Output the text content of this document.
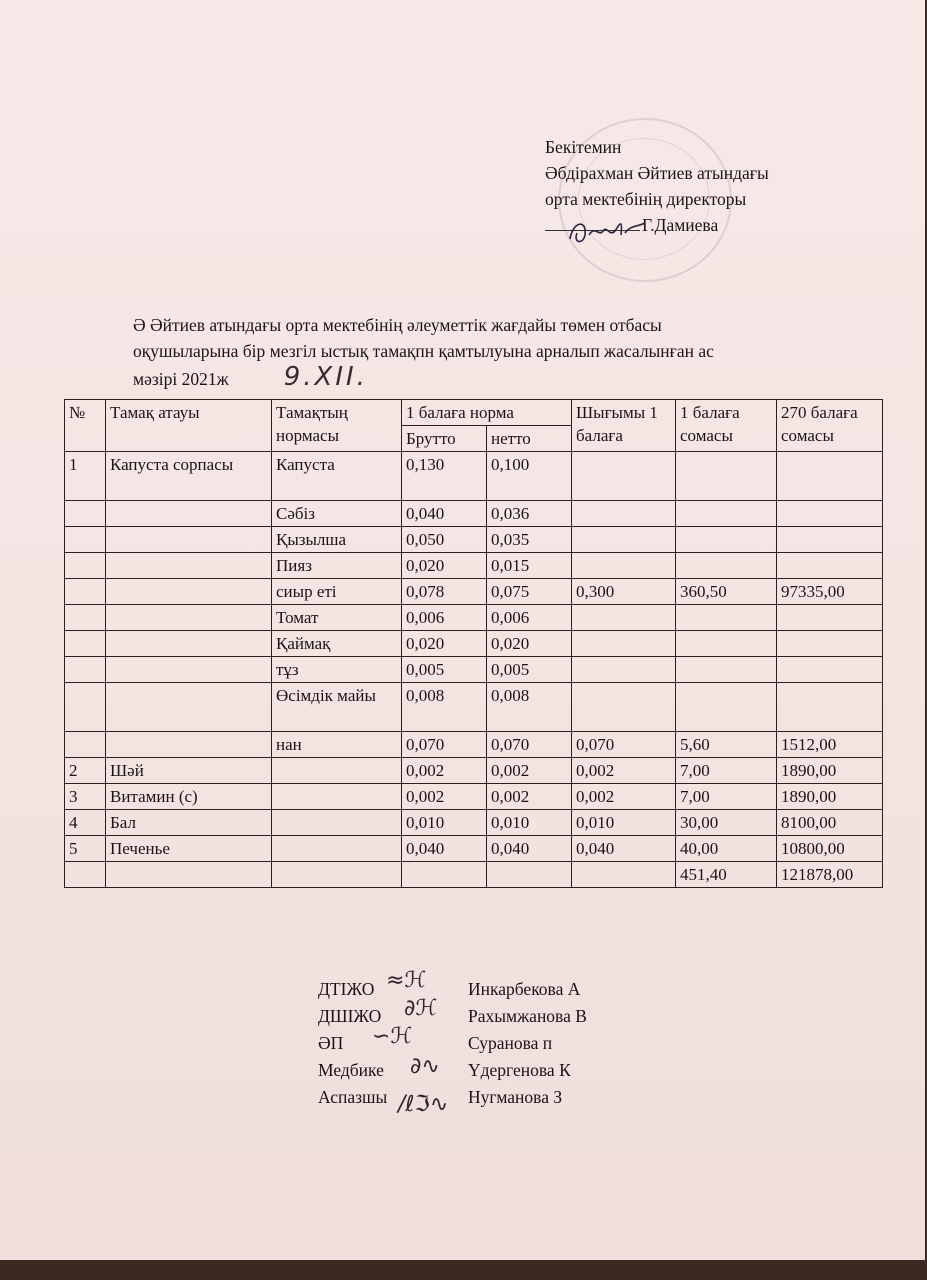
Бекітемин
Әбдірахман Әйтиев атындағы
орта мектебінің директоры
Г.Дамиева
Ә Әйтиев атындағы орта мектебінің әлеуметтік жағдайы төмен отбасы
оқушыларына бір мезгіл ыстық тамақпн қамтылуына арналып жасалынған ас
мәзірі 2021ж 9.XII.
№	Тамақ атауы	Тамақтың нормасы	1 балаға норма		Шығымы 1 балаға	1 балаға сомасы	270 балаға сомасы
			Брутто	нетто			
1	Капуста сорпасы	Капуста	0,130	0,100			
		Сәбіз	0,040	0,036			
		Қызылша	0,050	0,035			
		Пияз	0,020	0,015			
		сиыр еті	0,078	0,075	0,300	360,50	97335,00
		Томат	0,006	0,006			
		Қаймақ	0,020	0,020			
		тұз	0,005	0,005			
		Өсімдік майы	0,008	0,008			
		нан	0,070	0,070	0,070	5,60	1512,00
2	Шәй		0,002	0,002	0,002	7,00	1890,00
3	Витамин (с)		0,002	0,002	0,002	7,00	1890,00
4	Бал		0,010	0,010	0,010	30,00	8100,00
5	Печенье		0,040	0,040	0,040	40,00	10800,00
						451,40	121878,00
ДТІЖО	Инкарбекова А
ДШІЖО	Рахымжанова В
ӘП	Суранова п
Медбике	Үдергенова К
Аспазшы	Нугманова З
≈ℋ
∂ℋ
∽ℋ
∂∿
/ℓℑ∿
